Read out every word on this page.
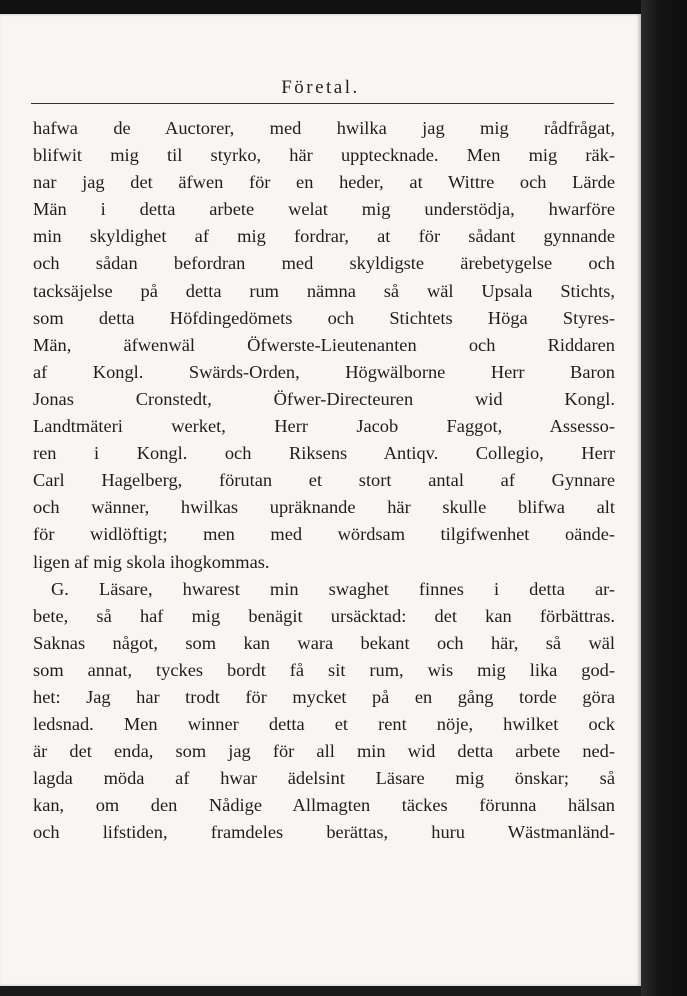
Företal.
hafwa de Auctorer, med hwilka jag mig rådfrågat,
blifwit mig til styrko, här upptecknade. Men mig räk-
nar jag det äfwen för en heder, at Wittre och Lärde
Män i detta arbete welat mig understödja, hwarföre
min skyldighet af mig fordrar, at för sådant gynnande
och sådan befordran med skyldigste ärebetygelse och
tacksäjelse på detta rum nämna så wäl Upsala Stichts,
som detta Höfdingedömets och Stichtets Höga Styres-
Män, äfwenwäl Öfwerste-Lieutenanten och Riddaren
af Kongl. Swärds-Orden, Högwälborne Herr Baron
Jonas Cronstedt, Öfwer-Directeuren wid Kongl.
Landtmäteri werket, Herr Jacob Faggot, Assesso-
ren i Kongl. och Riksens Antiqv. Collegio, Herr
Carl Hagelberg, förutan et stort antal af Gynnare
och wänner, hwilkas upräknande här skulle blifwa alt
för widlöftigt; men med wördsam tilgifwenhet oände-
ligen af mig skola ihogkommas.
G. Läsare, hwarest min swaghet finnes i detta ar-
bete, så haf mig benägit ursäcktad: det kan förbättras.
Saknas något, som kan wara bekant och här, så wäl
som annat, tyckes bordt få sit rum, wis mig lika god-
het: Jag har trodt för mycket på en gång torde göra
ledsnad. Men winner detta et rent nöje, hwilket ock
är det enda, som jag för all min wid detta arbete ned-
lagda möda af hwar ädelsint Läsare mig önskar; så
kan, om den Nådige Allmagten täckes förunna hälsan
och lifstiden, framdeles berättas, huru Wästmanländ-
